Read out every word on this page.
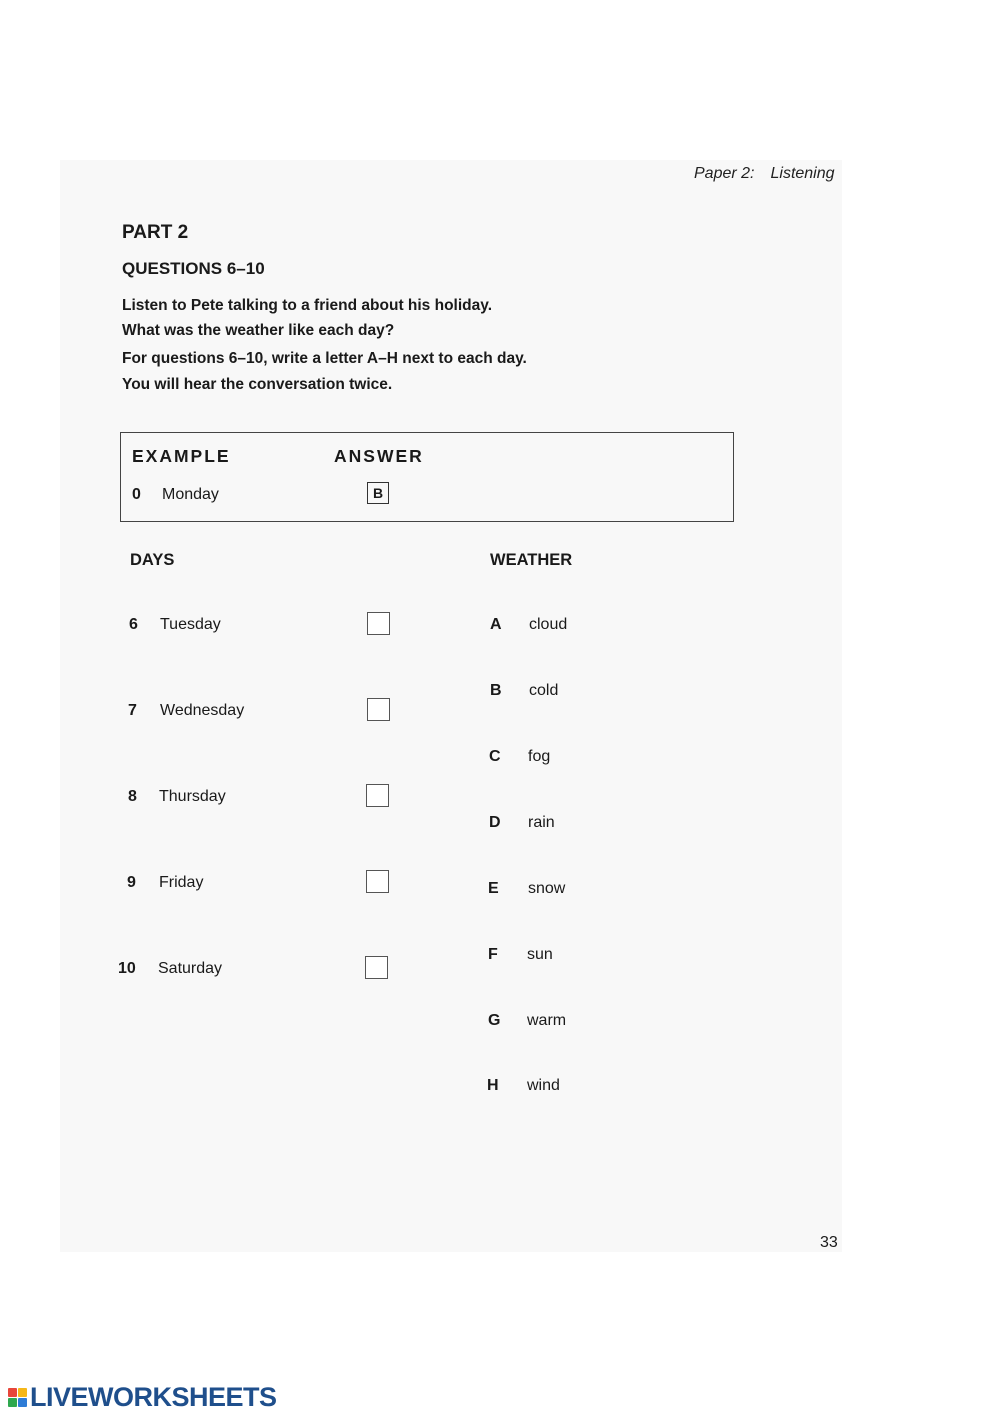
Paper 2: Listening
PART 2
QUESTIONS 6–10
Listen to Pete talking to a friend about his holiday.
What was the weather like each day?
For questions 6–10, write a letter A–H next to each day.
You will hear the conversation twice.
EXAMPLE	ANSWER
0 Monday	B
DAYS	WEATHER
6 Tuesday
7 Wednesday
8 Thursday
9 Friday
10 Saturday
A cloud
B cold
C fog
D rain
E snow
F sun
G warm
H wind
33
LIVEWORKSHEETS
